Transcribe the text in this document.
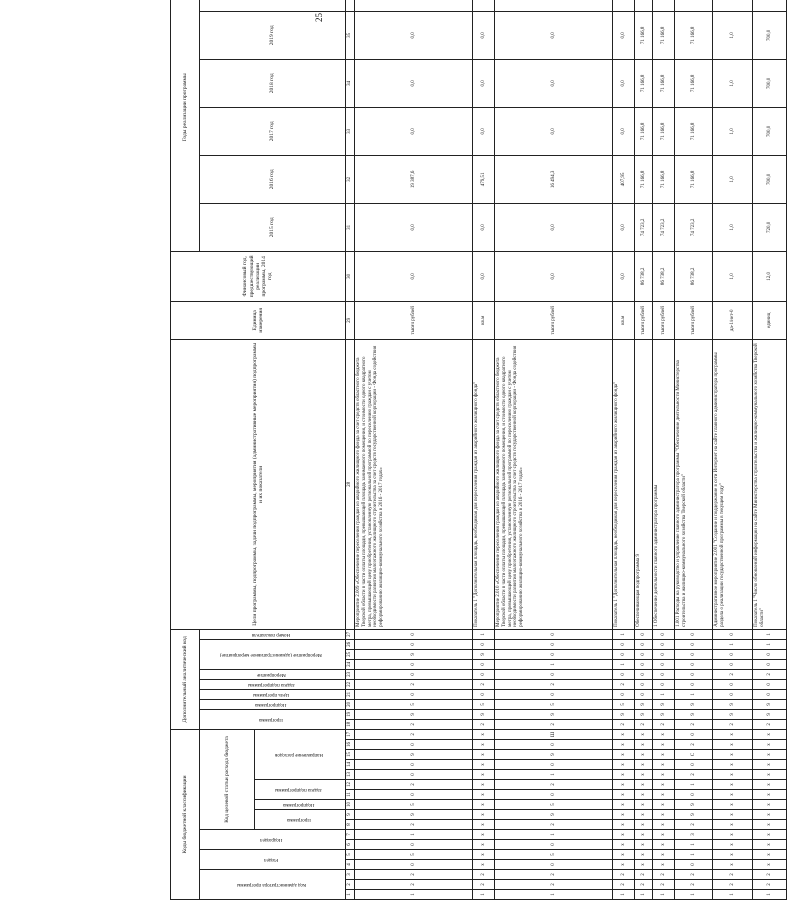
25
Коды бюджетной классификации																	Дополнительный аналитический код										Цели программы, подпрограммы, задачи подпрограммы, мероприятия (административные мероприятия) подпрограммы и их показатели	Единица измерения	Финансовый год, предшествующий реализации программы, 2014 год	Годы реализации программы	
Код администратора программы			Раздел		Подраздел		Код целевой статьи расхода бюджета										Программа		Подпрограмма	Цель программы	Задача подпрограммы	Мероприятие	Мероприятие (административное мероприятие)			Номер показателя				2015 год	2016 год	2017 год	2018 год	2019 год	
							Программа		Подпрограмма	Задача подпрограммы		Направление расходов	
1	2	3	4	5	6	7	8	9	10	11	12	13	14	15	16	17	18	19	20	21	22	23	24	25	26	27	28	29	30	31	32	33	34	35		
1	2	2	0	5	0	1	2	9	5	0	2	0	0	9	0	2	2	9	5	0	2	0	0	9	0	0	Мероприятие 2.009 «Обеспечение переселения граждан из аварийного жилищного фонда за счет средств областного бюджета Тверской области в части оплаты площади, превышающей площадь занимаемого помещения, и стоимости одного квадратного метра, превышающей цену приобретения, установленную региональной программой по переселению граждан с учетом необходимости развития малоэтажного жилищного строительства за счет средств государственной корпорации - Фонда содействия реформированию жилищно-коммунального хозяйства в 2016 - 2017 годах»	тысяч рублей	0,0	0,0	19 387,6	0,0	0,0	0,0		
1	2	2	х	х	х	х	х	х	х	х	х	х	х	х	х	х	2	9	5	0	2	0	0	9	0	1	Показатель 1 "Дополнительная площадь, необходимая для переселения граждан из аварийного жилищного фонда"	кв.м	0,0	0,0	479,51	0,0	0,0	0,0		
1	2	2	0	5	0	1	2	9	5	0	2	1	0	9	0	Ш	2	9	5	0	2	0	1	0	0	0	Мероприятие 2.010 «Обеспечение переселения граждан из аварийного жилищного фонда за счет средств областного бюджета Тверской области в части оплаты площади, превышающей площадь занимаемого помещения, и стоимости одного квадратного метра, превышающей цену приобретения, установленную региональной программой по переселению граждан с учетом необходимости развития малоэтажного жилищного строительства за счет средств государственной корпорации - Фонда содействия реформированию жилищно-коммунального хозяйства в 2016 - 2017 годах»	тысяч рублей	0,0	0,0	16 494,3	0,0	0,0	0,0		
1	2	2	х	х	х	х	х	х	х	х	х	х	х	х	х	х	2	9	5	0	2	0	1	0	0	1	Показатель 1 "Дополнительная площадь, необходимая для переселения граждан из аварийного жилищного фонда"	кв.м	0,0	0,0	407,95	0,0	0,0	0,0		
1	2	2	х	х	х	х	х	х	х	х	х	х	х	х	х	х	2	9	9	0	0	0	0	0	0	0	Обеспечивающая подпрограмма 9	тысяч рублей	86 738,2	74 723,2	71 166,8	71 166,8	71 166,8	71 166,8		
1	2	2	х	х	х	х	х	х	х	х	х	х	х	х	х	х	2	9	9	1	0	0	0	0	0	0	1 Обеспечение деятельности главного администратора программы	тысяч рублей	86 738,2	74 723,2	71 166,8	71 166,8	71 166,8	71 166,8		
1	2	2	0	1	1	3	2	9	9	0	1	2	0	С	2	0	2	9	9	1	0	0	0	0	0	0	1.001 Расходы на руководство и управление главного администратора программы "Обеспечение деятельности Министерства строительства и жилищно-коммунального хозяйства Тверской области"	тысяч рублей	86 738,2	74 723,2	71 166,8	71 166,8	71 166,8	71 166,8		
1	2	2	х	х	х	х	х	х	х	х	х	х	х	х	х	х	2	9	9	0	0	2	0	0	1	0	Административное мероприятие 2.001 "Создание и поддержание в сети Интернет на сайте главного администратора программы раздела о реализации государственной программы в текущем году"	да-1/нет-0	1,0	1,0	1,0	1,0	1,0	1,0		
1	2	2	х	х	х	х	х	х	х	х	х	х	х	х	х	х	2	9	9	0	0	2	0	0	1	1	Показатель 1 "Число обновлений информации на сайте Министерства строительства и жилищно-коммунального хозяйства Тверской области"	единиц	12,0	720,0	700,0	700,0	700,0	700,0		
